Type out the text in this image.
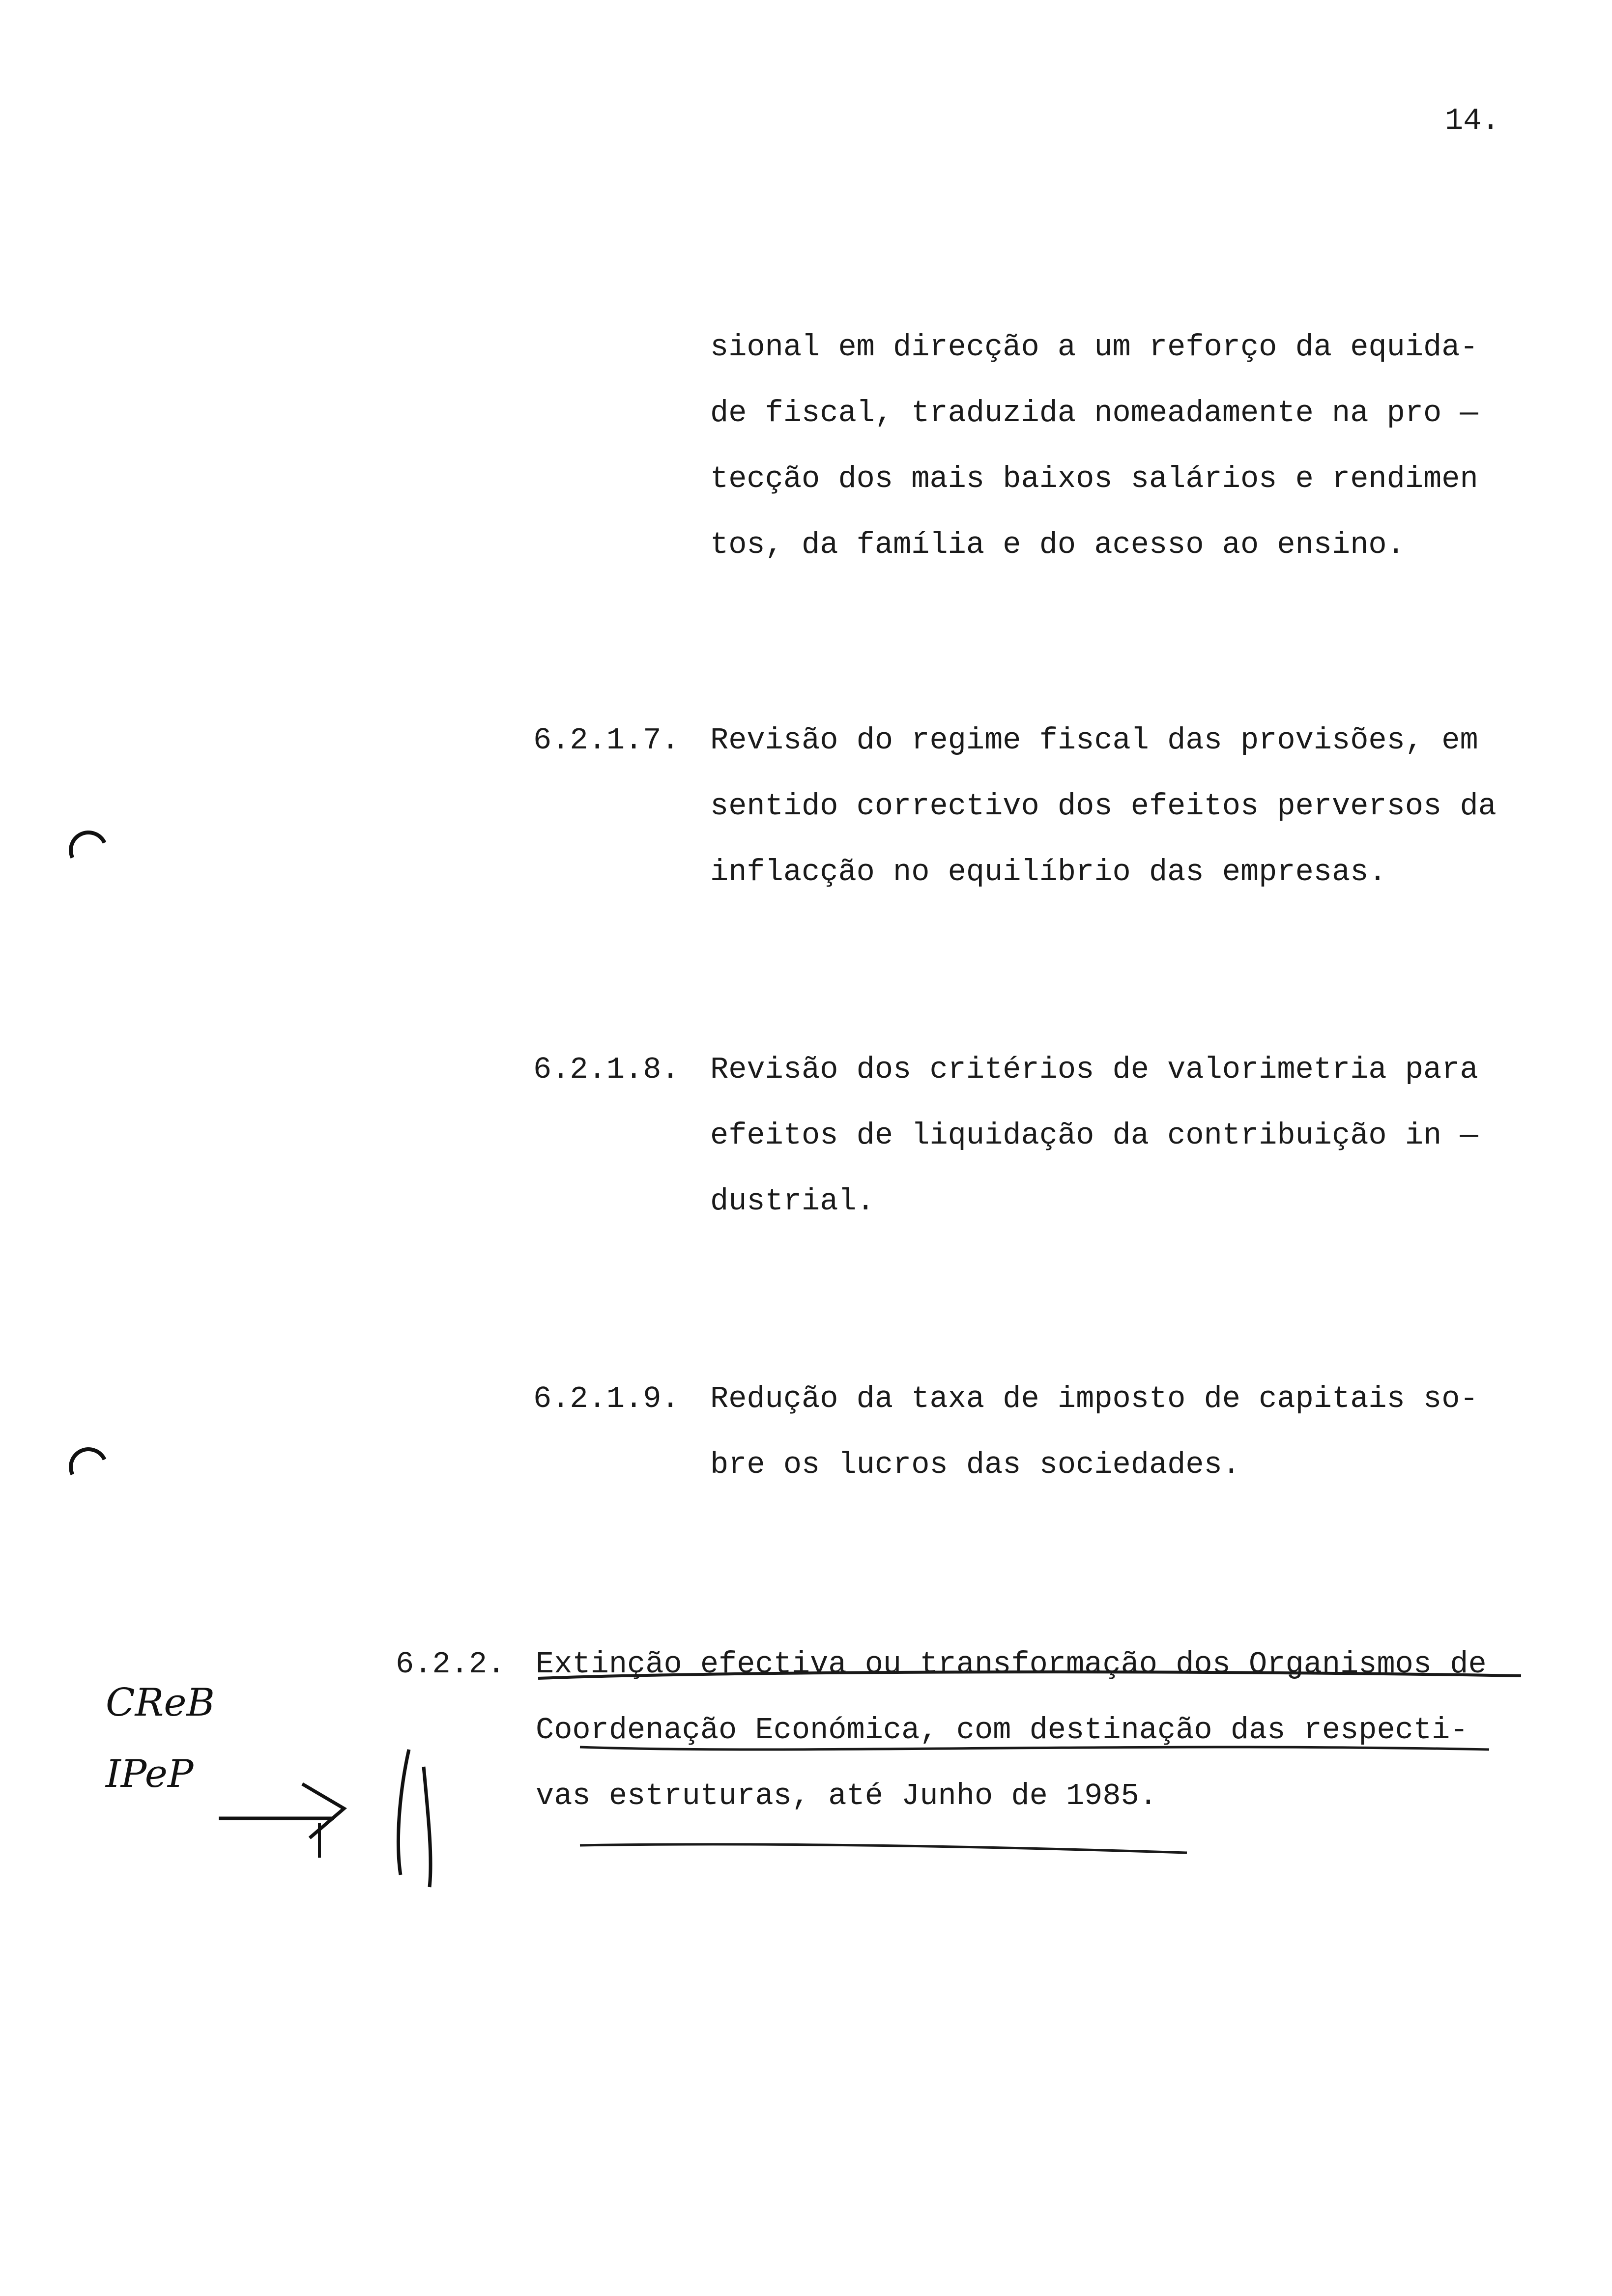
14.
sional em direcção a um reforço da equida-
de fiscal, traduzida nomeadamente na pro —
tecção dos mais baixos salários e rendimen
tos, da família e do acesso ao ensino.
6.2.1.7. Revisão do regime fiscal das provisões, em
sentido correctivo dos efeitos perversos da
inflacção no equilíbrio das empresas.
6.2.1.8. Revisão dos critérios de valorimetria para
efeitos de liquidação da contribuição in —
dustrial.
6.2.1.9. Redução da taxa de imposto de capitais so-
bre os lucros das sociedades.
6.2.2. Extinção efectiva ou transformação dos Organismos de
Coordenação Económica, com destinação das respecti-
vas estruturas, até Junho de 1985.
CReB
IPeP
